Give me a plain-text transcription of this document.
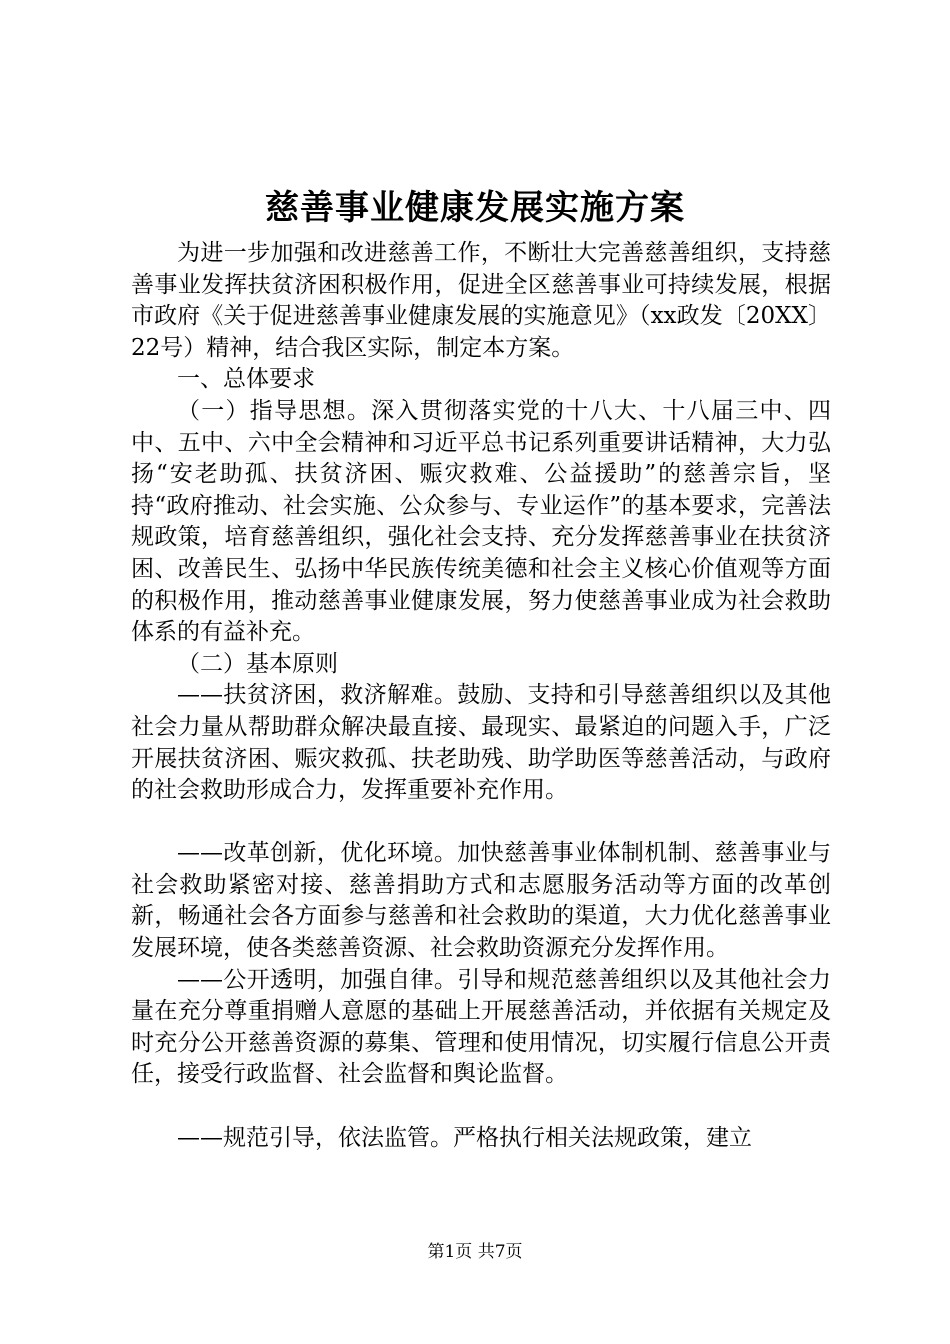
慈善事业健康发展实施方案

为进一步加强和改进慈善工作，不断壮大完善慈善组织，支持慈善事业发挥扶贫济困积极作用，促进全区慈善事业可持续发展，根据市政府《关于促进慈善事业健康发展的实施意见》（xx政发〔20XX〕22号）精神，结合我区实际，制定本方案。

一、总体要求

（一）指导思想。深入贯彻落实党的十八大、十八届三中、四中、五中、六中全会精神和习近平总书记系列重要讲话精神，大力弘扬“安老助孤、扶贫济困、赈灾救难、公益援助”的慈善宗旨，坚持“政府推动、社会实施、公众参与、专业运作”的基本要求，完善法规政策，培育慈善组织，强化社会支持、充分发挥慈善事业在扶贫济困、改善民生、弘扬中华民族传统美德和社会主义核心价值观等方面的积极作用，推动慈善事业健康发展，努力使慈善事业成为社会救助体系的有益补充。

（二）基本原则

——扶贫济困，救济解难。鼓励、支持和引导慈善组织以及其他社会力量从帮助群众解决最直接、最现实、最紧迫的问题入手，广泛开展扶贫济困、赈灾救孤、扶老助残、助学助医等慈善活动，与政府的社会救助形成合力，发挥重要补充作用。

——改革创新，优化环境。加快慈善事业体制机制、慈善事业与社会救助紧密对接、慈善捐助方式和志愿服务活动等方面的改革创新，畅通社会各方面参与慈善和社会救助的渠道，大力优化慈善事业发展环境，使各类慈善资源、社会救助资源充分发挥作用。

——公开透明，加强自律。引导和规范慈善组织以及其他社会力量在充分尊重捐赠人意愿的基础上开展慈善活动，并依据有关规定及时充分公开慈善资源的募集、管理和使用情况，切实履行信息公开责任，接受行政监督、社会监督和舆论监督。

——规范引导，依法监管。严格执行相关法规政策，建立

第1页 共7页
